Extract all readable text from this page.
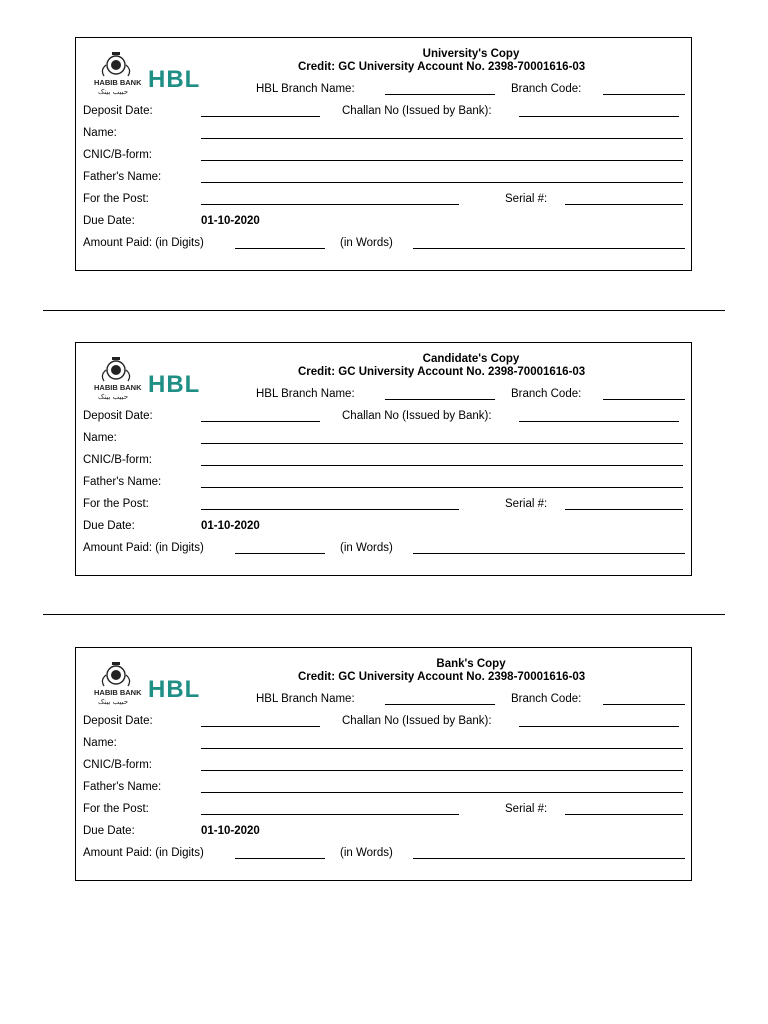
HABIB BANK
حبیب بینک HBL
University's Copy
Credit: GC University Account No. 2398-70001616-03
HBL Branch Name:	Branch Code:
Deposit Date:	Challan No (Issued by Bank):
Name:
CNIC/B-form:
Father's Name:
For the Post:	Serial #:
Due Date:	01-10-2020
Amount Paid: (in Digits)	(in Words)
HABIB BANK
حبیب بینک HBL
Candidate's Copy
Credit: GC University Account No. 2398-70001616-03
HBL Branch Name:	Branch Code:
Deposit Date:	Challan No (Issued by Bank):
Name:
CNIC/B-form:
Father's Name:
For the Post:	Serial #:
Due Date:	01-10-2020
Amount Paid: (in Digits)	(in Words)
HABIB BANK
حبیب بینک HBL
Bank's Copy
Credit: GC University Account No. 2398-70001616-03
HBL Branch Name:	Branch Code:
Deposit Date:	Challan No (Issued by Bank):
Name:
CNIC/B-form:
Father's Name:
For the Post:	Serial #:
Due Date:	01-10-2020
Amount Paid: (in Digits)	(in Words)
